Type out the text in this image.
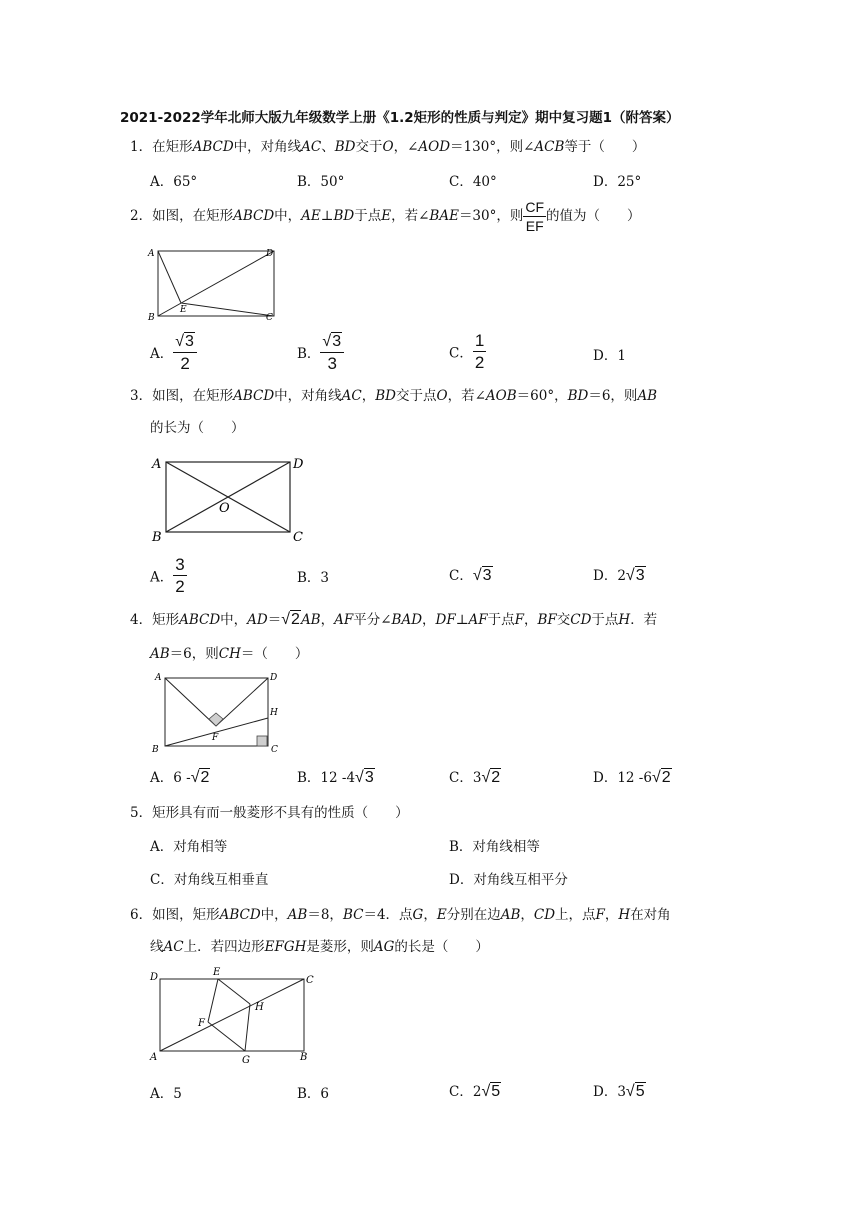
2021-2022学年北师大版九年级数学上册《1.2矩形的性质与判定》期中复习题1（附答案）
1．在矩形ABCD中，对角线AC、BD交于O，∠AOD＝130°，则∠ACB等于（　　）
A．65°	B．50°	C．40°	D．25°
2．如图，在矩形ABCD中，AE⊥BD于点E，若∠BAE＝30°，则 $\frac{CF}{EF}$ 的值为（　　）
A
B	C
D
E
A． $\frac{√3}{2}$	B． $\frac{√3}{3}$	C． $\frac{1}{2}$	D．1
3．如图，在矩形ABCD中，对角线AC，BD交于点O，若∠AOB＝60°，BD＝6，则AB
的长为（　　）
A
B	C
D
O
A． $\frac{3}{2}$	B．3	C．√3	D．2√3
4．矩形ABCD中，AD＝√2AB，AF平分∠BAD，DF⊥AF于点F，BF交CD于点H．若
AB＝6，则CH＝（　　）
A
B	C
D
F
H
A．6 -√2	B．12 -4√3	C．3√2	D．12 -6√2
5．矩形具有而一般菱形不具有的性质（　　）
A．对角相等	B．对角线相等
C．对角线互相垂直	D．对角线互相平分
6．如图，矩形ABCD中，AB＝8，BC＝4．点G，E分别在边AB，CD上，点F，H在对角
线AC上．若四边形EFGH是菱形，则AG的长是（　　）
D
A	B
C
E
F
G
H
A．5	B．6	C．2√5	D．3√5
